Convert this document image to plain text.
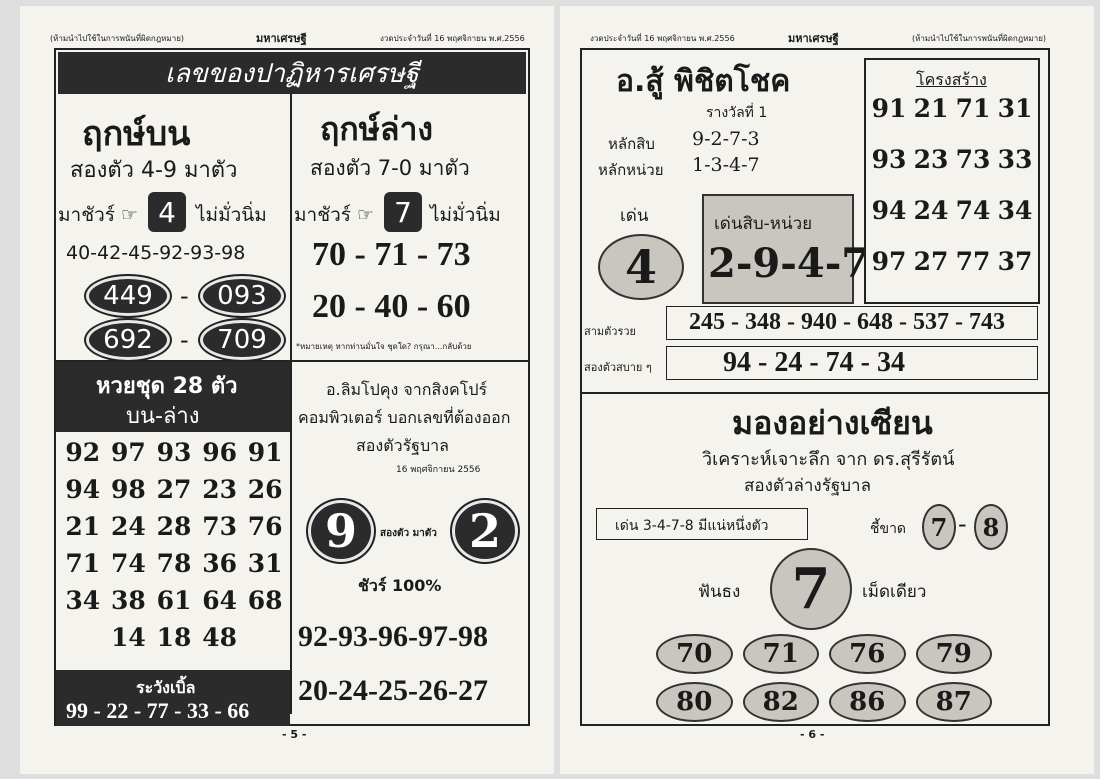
(ห้ามนำไปใช้ในการพนันที่ผิดกฎหมาย)	มหาเศรษฐี	งวดประจำวันที่ 16 พฤศจิกายน พ.ศ.2556
เลขของปาฏิหารเศรษฐี
ฤกษ์บน
สองตัว 4-9 มาตัว
มาชัวร์ ☞ 4	ไม่มั่วนิ่ม
40-42-45-92-93-98
449	-	093
692	-	709
ฤกษ์ล่าง
สองตัว 7-0 มาตัว
มาชัวร์ ☞ 7 ไม่มั่วนิ่ม
70 - 71 - 73
20 - 40 - 60
*หมายเหตุ หากท่านมั่นใจ ชุดใด? กรุณา...กลับด้วย
หวยชุด 28 ตัว
บน-ล่าง
92 97 93 96 91
94 98 27 23 26
21 24 28 73 76
71 74 78 36 31
34 38 61 64 68
14 18 48
ระวังเบิ้ล
99 - 22 - 77 - 33 - 66
อ.ลิมโปคุง จากสิงคโปร์
คอมพิวเตอร์ บอกเลขที่ต้องออก
สองตัวรัฐบาล
16 พฤศจิกายน 2556
9	สองตัว มาตัว 2
ชัวร์ 100%
92-93-96-97-98
20-24-25-26-27
- 5 -
งวดประจำวันที่ 16 พฤศจิกายน พ.ศ.2556	มหาเศรษฐี	(ห้ามนำไปใช้ในการพนันที่ผิดกฎหมาย)
อ.สู้ พิชิตโชค
รางวัลที่ 1
หลักสิบ 9-2-7-3
หลักหน่วย 1-3-4-7
เด่น
4
เด่นสิบ-หน่วย
2-9-4-7
โครงสร้าง
91 21 71 31
93 23 73 33
94 24 74 34
97 27 77 37
สามตัวรวย 245 - 348 - 940 - 648 - 537 - 743
สองตัวสบาย ๆ	94 - 24 - 74 - 34
มองอย่างเซียน
วิเคราะห์เจาะลึก จาก ดร.สุรีรัตน์
สองตัวล่างรัฐบาล
เด่น 3-4-7-8 มีแน่หนึ่งตัว	ชี้ขาด	7 - 8
ฟันธง 7	เม็ดเดียว
70	71	76	79
80	82	86	87
- 6 -
